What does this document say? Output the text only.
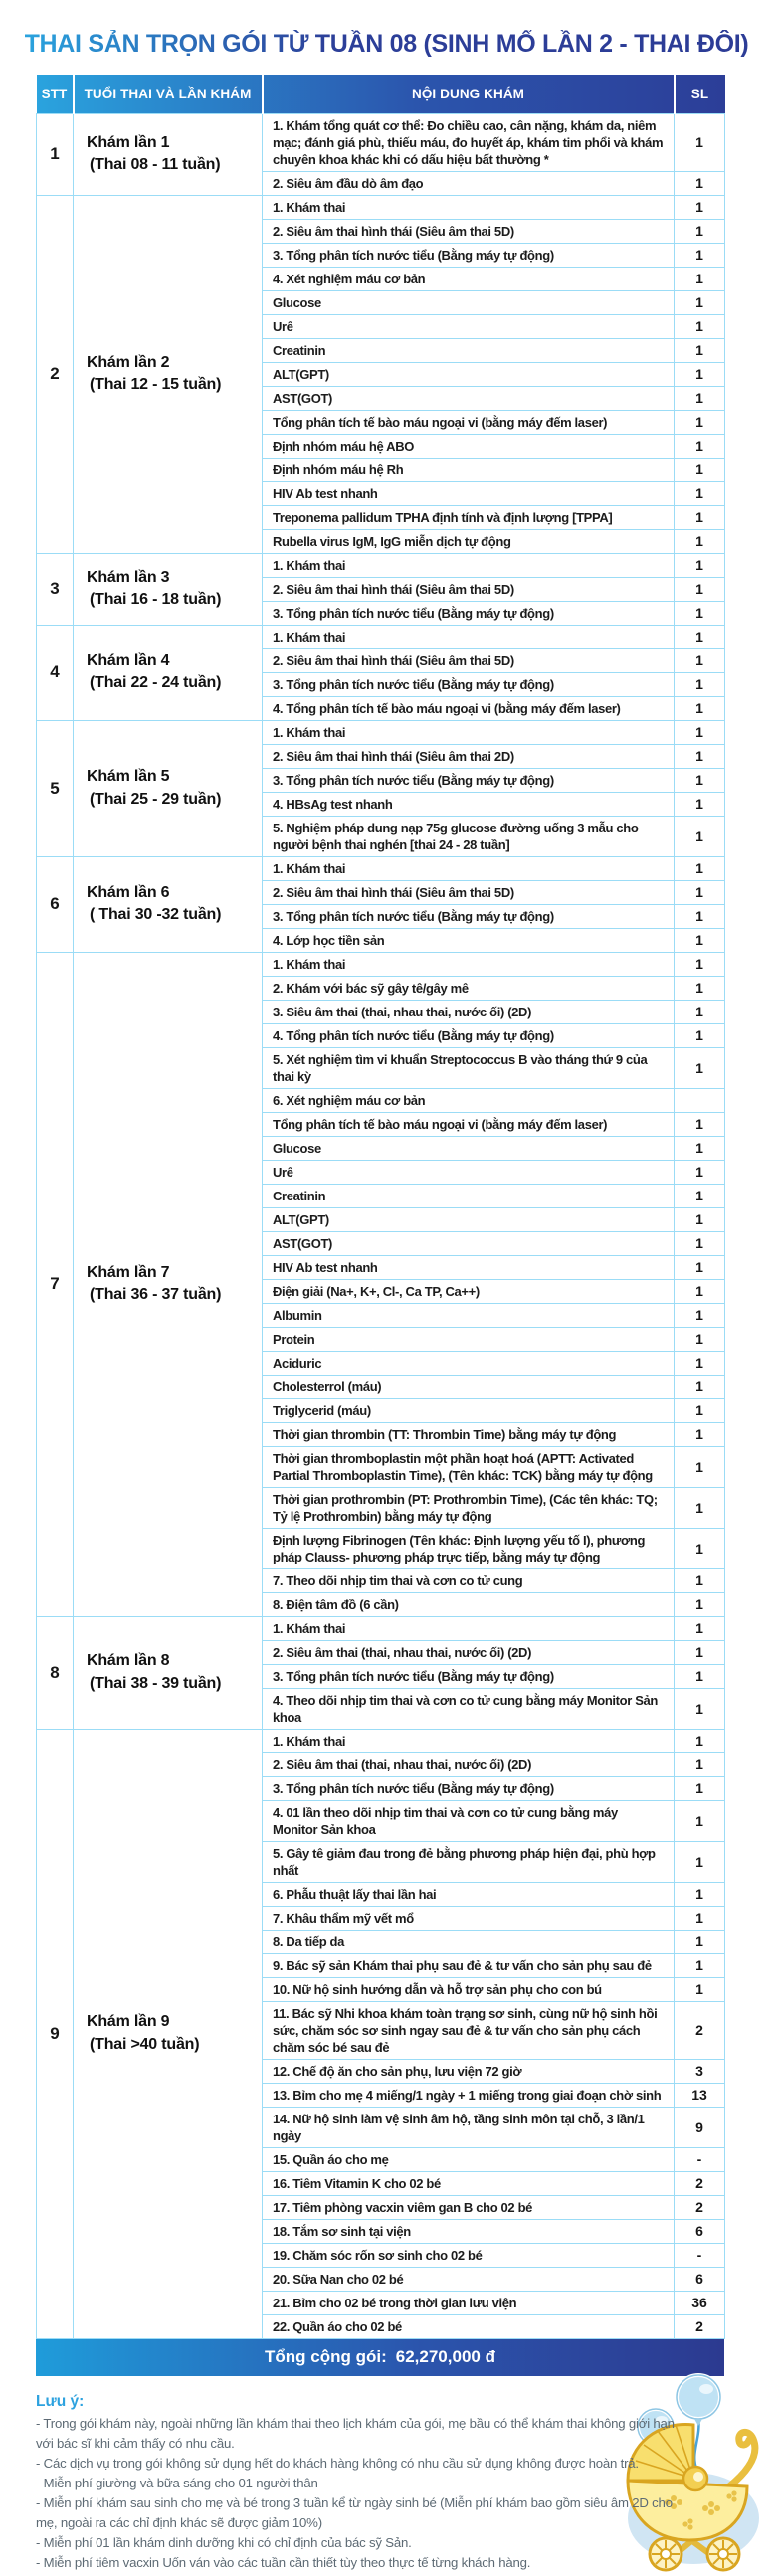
THAI SẢN TRỌN GÓI TỪ TUẦN 08 (SINH MỔ LẦN 2 - THAI ĐÔI)
STT	TUỔI THAI VÀ LẦN KHÁM	NỘI DUNG KHÁM	SL
1	Khám lần 1
(Thai 08 - 11 tuần)	1. Khám tổng quát cơ thể: Đo chiều cao, cân nặng, khám da, niêm mạc; đánh giá phù, thiếu máu, đo huyết áp, khám tim phổi và khám chuyên khoa khác khi có dấu hiệu bất thường *	1
		2. Siêu âm đầu dò âm đạo	1
2	Khám lần 2
(Thai 12 - 15 tuần)	1. Khám thai	1
		2. Siêu âm thai hình thái (Siêu âm thai 5D)	1
		3. Tổng phân tích nước tiểu (Bằng máy tự động)	1
		4. Xét nghiệm máu cơ bản	1
		Glucose	1
		Urê	1
		Creatinin	1
		ALT(GPT)	1
		AST(GOT)	1
		Tổng phân tích tế bào máu ngoại vi (bằng máy đếm laser)	1
		Định nhóm máu hệ ABO	1
		Định nhóm máu hệ Rh	1
		HIV Ab test nhanh	1
		Treponema pallidum TPHA định tính và định lượng [TPPA]	1
		Rubella virus IgM, IgG miễn dịch tự động	1
3	Khám lần 3
(Thai 16 - 18 tuần)	1. Khám thai	1
		2. Siêu âm thai hình thái (Siêu âm thai 5D)	1
		3. Tổng phân tích nước tiểu (Bằng máy tự động)	1
4	Khám lần 4
(Thai 22 - 24 tuần)	1. Khám thai	1
		2. Siêu âm thai hình thái (Siêu âm thai 5D)	1
		3. Tổng phân tích nước tiểu (Bằng máy tự động)	1
		4. Tổng phân tích tế bào máu ngoại vi (bằng máy đếm laser)	1
5	Khám lần 5
(Thai 25 - 29 tuần)	1. Khám thai	1
		2. Siêu âm thai hình thái (Siêu âm thai 2D)	1
		3. Tổng phân tích nước tiểu (Bằng máy tự động)	1
		4. HBsAg test nhanh	1
		5. Nghiệm pháp dung nạp 75g glucose đường uống 3 mẫu cho người bệnh thai nghén [thai 24 - 28 tuần]	1
6	Khám lần 6
( Thai 30 -32 tuần)	1. Khám thai	1
		2. Siêu âm thai hình thái (Siêu âm thai 5D)	1
		3. Tổng phân tích nước tiểu (Bằng máy tự động)	1
		4. Lớp học tiền sản	1
7	Khám lần 7
(Thai 36 - 37 tuần)	1. Khám thai	1
		2. Khám với bác sỹ gây tê/gây mê	1
		3. Siêu âm thai (thai, nhau thai, nước ối) (2D)	1
		4. Tổng phân tích nước tiểu (Bằng máy tự động)	1
		5. Xét nghiệm tìm vi khuẩn Streptococcus B vào tháng thứ 9 của thai kỳ	1
		6. Xét nghiệm máu cơ bản	
		Tổng phân tích tế bào máu ngoại vi (bằng máy đếm laser)	1
		Glucose	1
		Urê	1
		Creatinin	1
		ALT(GPT)	1
		AST(GOT)	1
		HIV Ab test nhanh	1
		Điện giải (Na+, K+, Cl-, Ca TP, Ca++)	1
		Albumin	1
		Protein	1
		Aciduric	1
		Cholesterrol (máu)	1
		Triglycerid (máu)	1
		Thời gian thrombin (TT: Thrombin Time) bằng máy tự động	1
		Thời gian thromboplastin một phần hoạt hoá (APTT: Activated Partial Thromboplastin Time), (Tên khác: TCK) bằng máy tự động	1
		Thời gian prothrombin (PT: Prothrombin Time), (Các tên khác: TQ; Tỷ lệ Prothrombin) bằng máy tự động	1
		Định lượng Fibrinogen (Tên khác: Định lượng yếu tố I), phương pháp Clauss- phương pháp trực tiếp, bằng máy tự động	1
		7. Theo dõi nhịp tim thai và cơn co tử cung	1
		8. Điện tâm đồ (6 cần)	1
8	Khám lần 8
(Thai 38 - 39 tuần)	1. Khám thai	1
		2. Siêu âm thai (thai, nhau thai, nước ối) (2D)	1
		3. Tổng phân tích nước tiểu (Bằng máy tự động)	1
		4. Theo dõi nhịp tim thai và cơn co tử cung bằng máy Monitor Sản khoa	1
9	Khám lần 9
(Thai >40 tuần)	1. Khám thai	1
		2. Siêu âm thai (thai, nhau thai, nước ối) (2D)	1
		3. Tổng phân tích nước tiểu (Bằng máy tự động)	1
		4. 01 lần theo dõi nhịp tim thai và cơn co tử cung bằng máy Monitor Sản khoa	1
		5. Gây tê giảm đau trong đẻ bằng phương pháp hiện đại, phù hợp nhất	1
		6. Phẫu thuật lấy thai lần hai	1
		7. Khâu thẩm mỹ vết mổ	1
		8. Da tiếp da	1
		9. Bác sỹ sản Khám thai phụ sau đẻ & tư vấn cho sản phụ sau đẻ	1
		10. Nữ hộ sinh hướng dẫn và hỗ trợ sản phụ cho con bú	1
		11. Bác sỹ Nhi khoa khám toàn trạng sơ sinh, cùng nữ hộ sinh hồi sức, chăm sóc sơ sinh ngay sau đẻ & tư vấn cho sản phụ cách chăm sóc bé sau đẻ	2
		12. Chế độ ăn cho sản phụ, lưu viện 72 giờ	3
		13. Bỉm cho mẹ 4 miếng/1 ngày + 1 miếng trong giai đoạn chờ sinh	13
		14. Nữ hộ sinh làm vệ sinh âm hộ, tầng sinh môn tại chỗ, 3 lần/1 ngày	9
		15. Quần áo cho mẹ	-
		16. Tiêm Vitamin K cho 02 bé	2
		17. Tiêm phòng vacxin viêm gan B cho 02 bé	2
		18. Tắm sơ sinh tại viện	6
		19. Chăm sóc rốn sơ sinh cho 02 bé	-
		20. Sữa Nan cho 02 bé	6
		21. Bỉm cho 02 bé trong thời gian lưu viện	36
		22. Quần áo cho 02 bé	2
Tổng cộng gói: 62,270,000 đ
Lưu ý:
- Trong gói khám này, ngoài những lần khám thai theo lịch khám của gói, mẹ bầu có thể khám thai không giới hạn với bác sĩ khi cảm thấy có nhu cầu.
- Các dịch vụ trong gói không sử dụng hết do khách hàng không có nhu cầu sử dụng không được hoàn trả.
- Miễn phí giường và bữa sáng cho 01 người thân
- Miễn phí khám sau sinh cho mẹ và bé trong 3 tuần kể từ ngày sinh bé (Miễn phí khám bao gồm siêu âm 2D cho mẹ, ngoài ra các chỉ định khác sẽ được giảm 10%)
- Miễn phí 01 lần khám dinh dưỡng khi có chỉ định của bác sỹ Sản.
- Miễn phí tiêm vacxin Uốn ván vào các tuần cần thiết tùy theo thực tế từng khách hàng.
